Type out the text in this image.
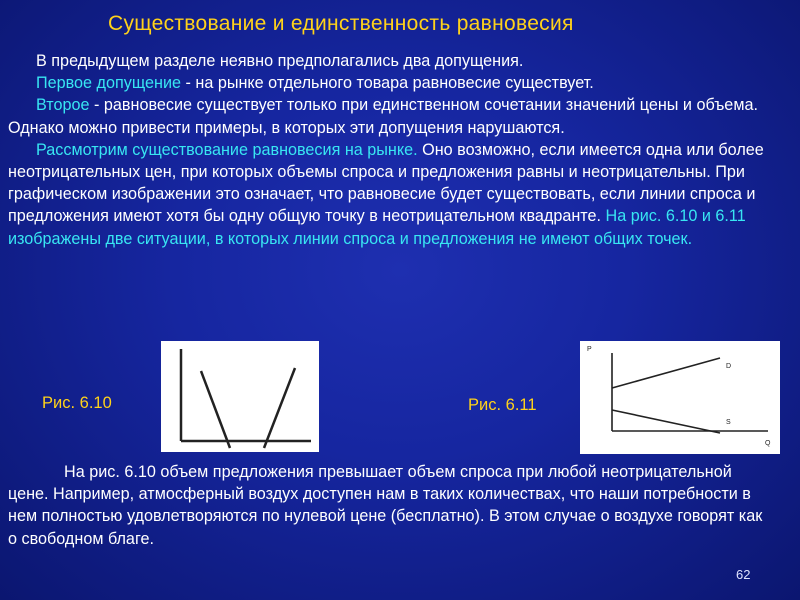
Существование и единственность равновесия
В предыдущем разделе неявно предполагались два допущения.
Первое допущение - на рынке отдельного товара равновесие существует.
Второе - равновесие существует только при единственном сочетании значений цены и объема. Однако можно привести примеры, в которых эти допущения нарушаются.
Рассмотрим существование равновесия на рынке. Оно возможно, если имеется одна или более неотрицательных цен, при которых объемы спроса и предложения равны и неотрицательны. При графическом изображении это означает, что равновесие будет существовать, если линии спроса и предложения имеют хотя бы одну общую точку в неотрицательном квадранте. На рис. 6.10 и 6.11 изображены две ситуации, в которых линии спроса и предложения не имеют общих точек.
Рис. 6.10	Рис. 6.11
P
Q
D
S
На рис. 6.10 объем предложения превышает объем спроса при любой неотрицательной цене. Например, атмосферный воздух доступен нам в таких количествах, что наши потребности в нем полностью удовлетворяются по нулевой цене (бесплатно). В этом случае о воздухе говорят как о свободном благе.
62
